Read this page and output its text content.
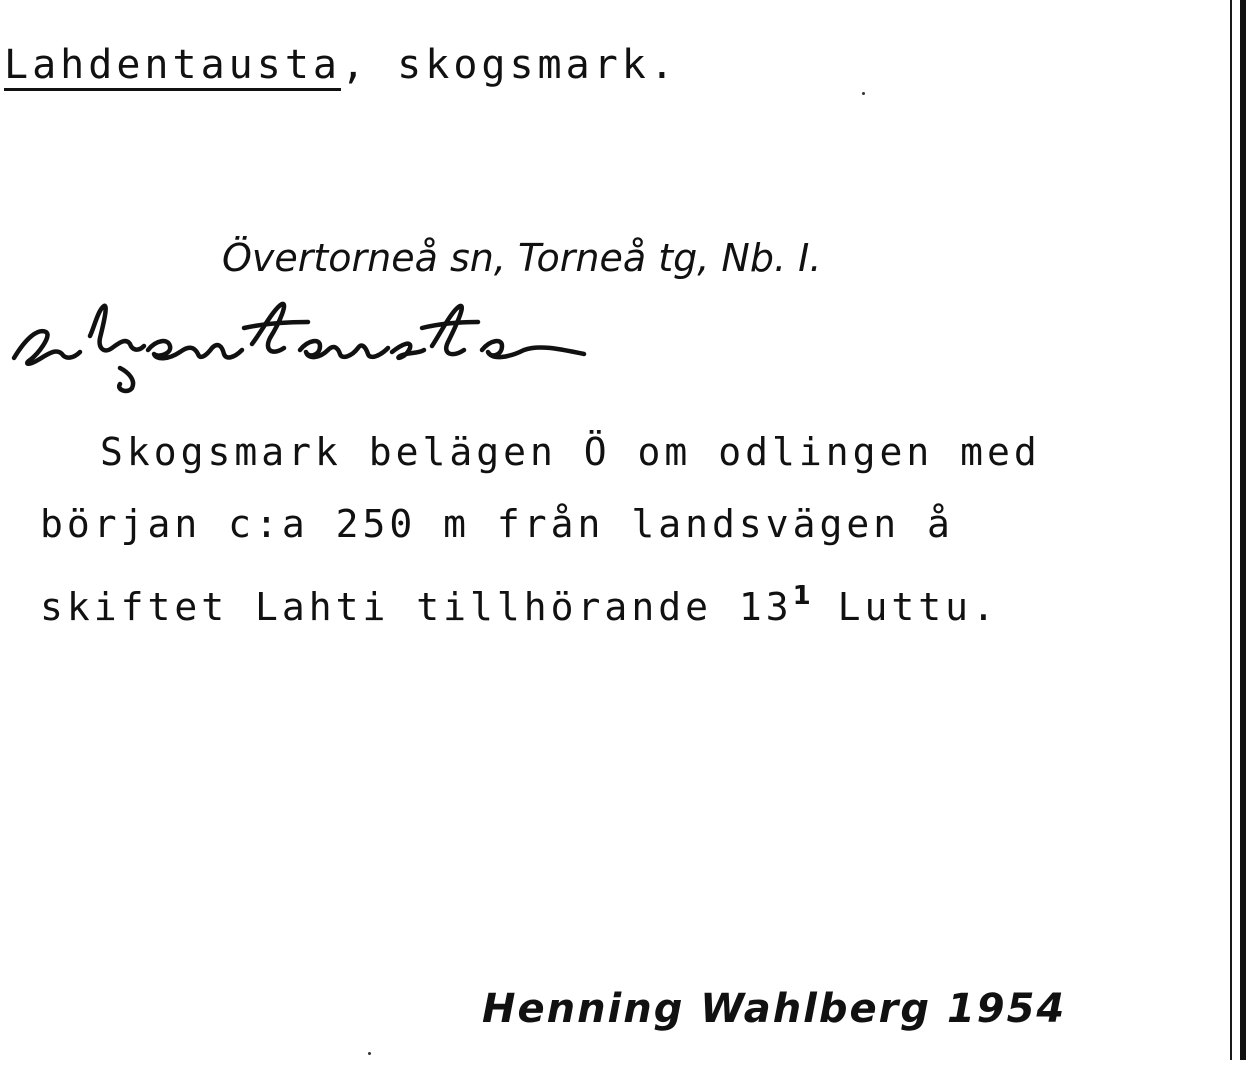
Lahdentausta, skogsmark.
Övertorneå sn, Torneå tg, Nb. I.
Skogsmark belägen Ö om odlingen med
början c:a 250 m från landsvägen å
skiftet Lahti tillhörande $13^1$ Luttu.
Henning Wahlberg 1954
